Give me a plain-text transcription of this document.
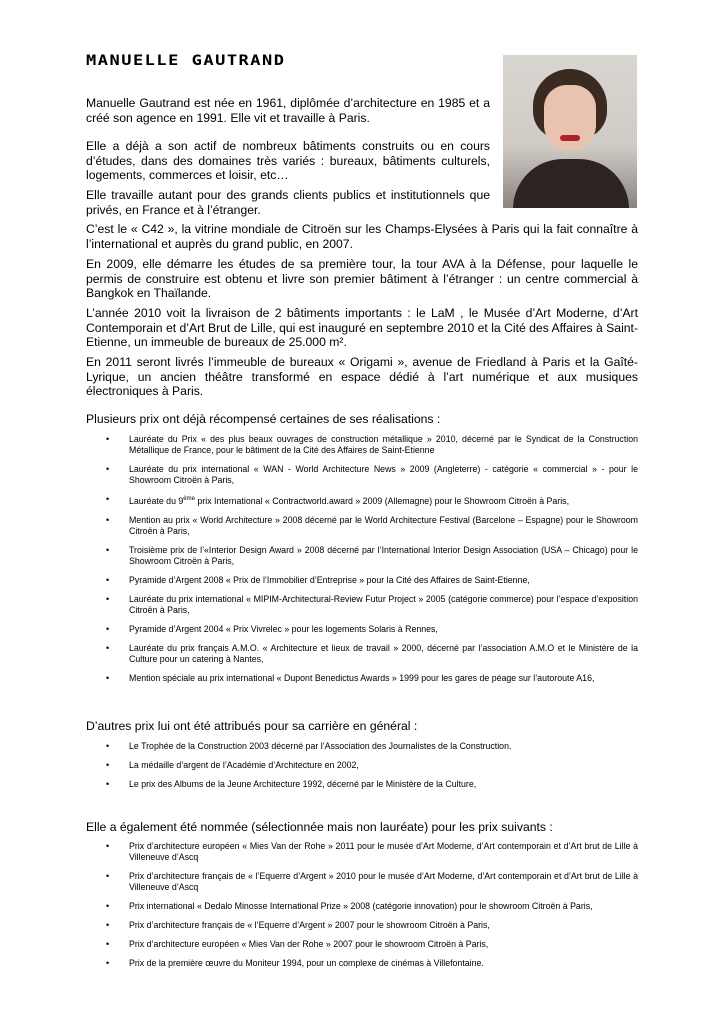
MANUELLE GAUTRAND

Manuelle Gautrand est née en 1961, diplômée d’architecture en 1985 et a créé son agence en 1991. Elle vit et travaille à Paris.

Elle a déjà a son actif de nombreux bâtiments construits ou en cours d’études, dans des domaines très variés : bureaux, bâtiments culturels, logements, commerces et loisir, etc…

Elle travaille autant pour des grands clients publics et institutionnels que privés, en France et à l’étranger.

C’est le « C42 », la vitrine mondiale de Citroën sur les Champs-Elysées à Paris qui la fait connaître à l’international et auprès du grand public, en 2007.

En 2009, elle démarre les études de sa première tour, la tour AVA à la Défense, pour laquelle le permis de construire est obtenu et livre son premier bâtiment à l’étranger : un centre commercial à Bangkok en Thaïlande.

L’année 2010 voit la livraison de 2 bâtiments importants : le LaM , le Musée d’Art Moderne, d’Art Contemporain et d’Art Brut de Lille, qui est inauguré en septembre 2010 et la Cité des Affaires à Saint-Etienne, un immeuble de bureaux de 25.000 m².

En 2011 seront livrés l’immeuble de bureaux « Origami », avenue de Friedland à Paris et la Gaîté-Lyrique, un ancien théâtre transformé en espace dédié à l’art numérique et aux musiques électroniques à Paris.

Plusieurs prix ont déjà récompensé certaines de ses réalisations :

• Lauréate du Prix « des plus beaux ouvrages de construction métallique » 2010, décerné par le Syndicat de la Construction Métallique de France, pour le bâtiment de la Cité des Affaires de Saint-Etienne
• Lauréate du prix international « WAN - World Architecture News » 2009 (Angleterre) - catégorie « commercial » - pour le Showroom Citroën à Paris,
• Lauréate du 9ème prix International « Contractworld.award » 2009 (Allemagne) pour le Showroom Citroën à Paris,
• Mention au prix « World Architecture » 2008 décerné par le World Architecture Festival (Barcelone – Espagne) pour le Showroom Citroën à Paris,
• Troisième prix de l’«Interior Design Award » 2008 décerné par l’International Interior Design Association (USA – Chicago) pour le Showroom Citroën à Paris,
• Pyramide d’Argent 2008 « Prix de l’Immobilier d’Entreprise » pour la Cité des Affaires de Saint-Etienne,
• Lauréate du prix international « MIPIM-Architectural-Review Futur Project » 2005 (catégorie commerce) pour l’espace d’exposition Citroën à Paris,
• Pyramide d’Argent 2004 « Prix Vivrelec » pour les logements Solaris à Rennes,
• Lauréate du prix français A.M.O. « Architecture et lieux de travail » 2000, décerné par l’association A.M.O et le Ministère de la Culture pour un catering à Nantes,
• Mention spéciale au prix international « Dupont Benedictus Awards » 1999 pour les gares de péage sur l’autoroute A16,

D’autres prix lui ont été attribués pour sa carrière en général :

• Le Trophée de la Construction 2003 décerné par l’Association des Journalistes de la Construction.
• La médaille d’argent de l’Académie d’Architecture en 2002,
• Le prix des Albums de la Jeune Architecture 1992, décerné par le Ministère de la Culture,

Elle a également été nommée (sélectionnée mais non lauréate) pour les prix suivants :

• Prix d’architecture européen « Mies Van der Rohe » 2011 pour le musée d’Art Moderne, d’Art contemporain et d’Art brut de Lille à Villeneuve d’Ascq
• Prix d’architecture français de « l’Equerre d’Argent » 2010 pour le musée d’Art Moderne, d’Art contemporain et d’Art brut de Lille à Villeneuve d’Ascq
• Prix international « Dedalo Minosse International Prize » 2008 (catégorie innovation) pour le showroom Citroën à Paris,
• Prix d’architecture français de « l’Equerre d’Argent » 2007 pour le showroom Citroën à Paris,
• Prix d’architecture européen « Mies Van der Rohe » 2007 pour le showroom Citroën à Paris,
• Prix de la première œuvre du Moniteur 1994, pour un complexe de cinémas à Villefontaine.
